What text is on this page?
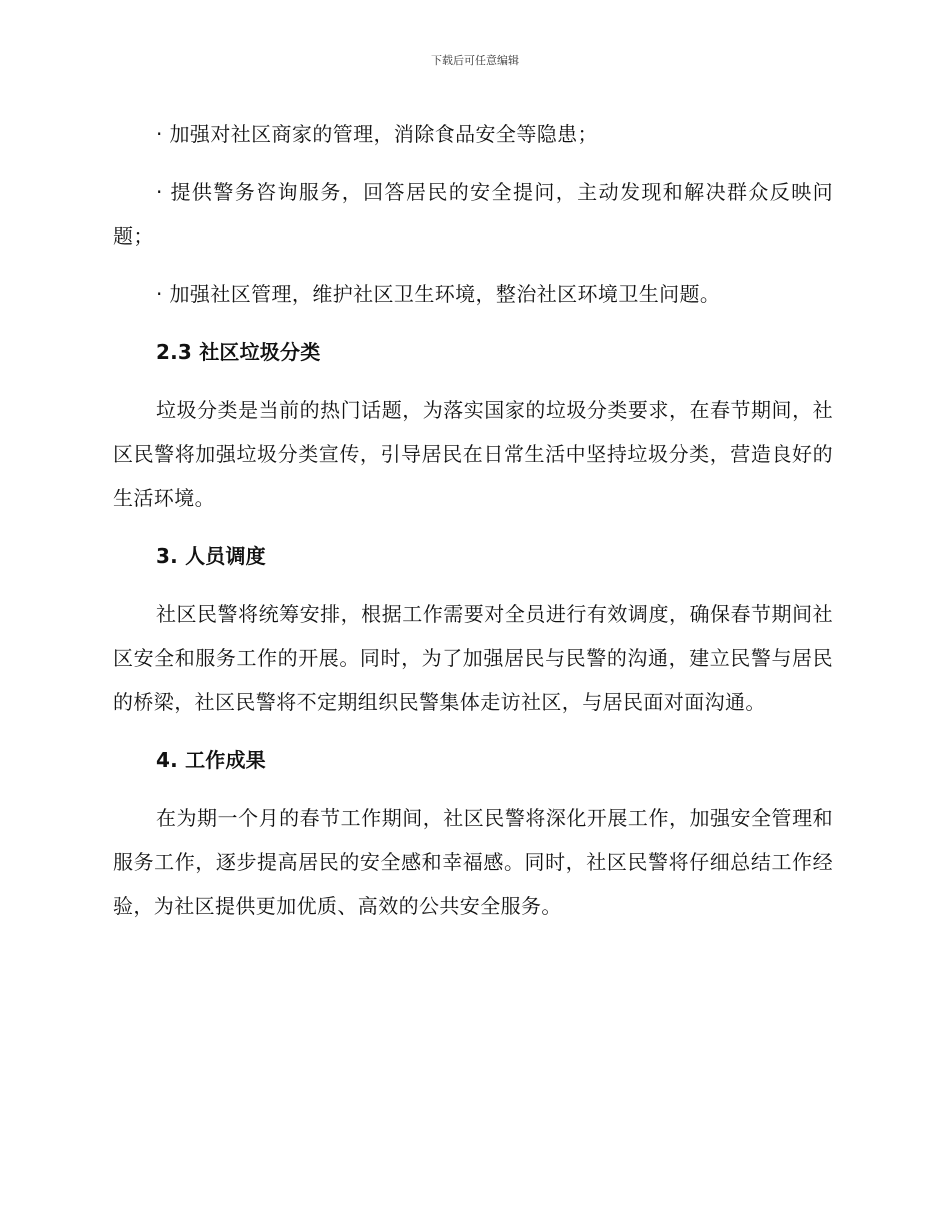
下载后可任意编辑

· 加强对社区商家的管理，消除食品安全等隐患；

· 提供警务咨询服务，回答居民的安全提问，主动发现和解决群众反映问题；

· 加强社区管理，维护社区卫生环境，整治社区环境卫生问题。

2.3 社区垃圾分类

垃圾分类是当前的热门话题，为落实国家的垃圾分类要求，在春节期间，社区民警将加强垃圾分类宣传，引导居民在日常生活中坚持垃圾分类，营造良好的生活环境。

3. 人员调度

社区民警将统筹安排，根据工作需要对全员进行有效调度，确保春节期间社区安全和服务工作的开展。同时，为了加强居民与民警的沟通，建立民警与居民的桥梁，社区民警将不定期组织民警集体走访社区，与居民面对面沟通。

4. 工作成果

在为期一个月的春节工作期间，社区民警将深化开展工作，加强安全管理和服务工作，逐步提高居民的安全感和幸福感。同时，社区民警将仔细总结工作经验，为社区提供更加优质、高效的公共安全服务。
